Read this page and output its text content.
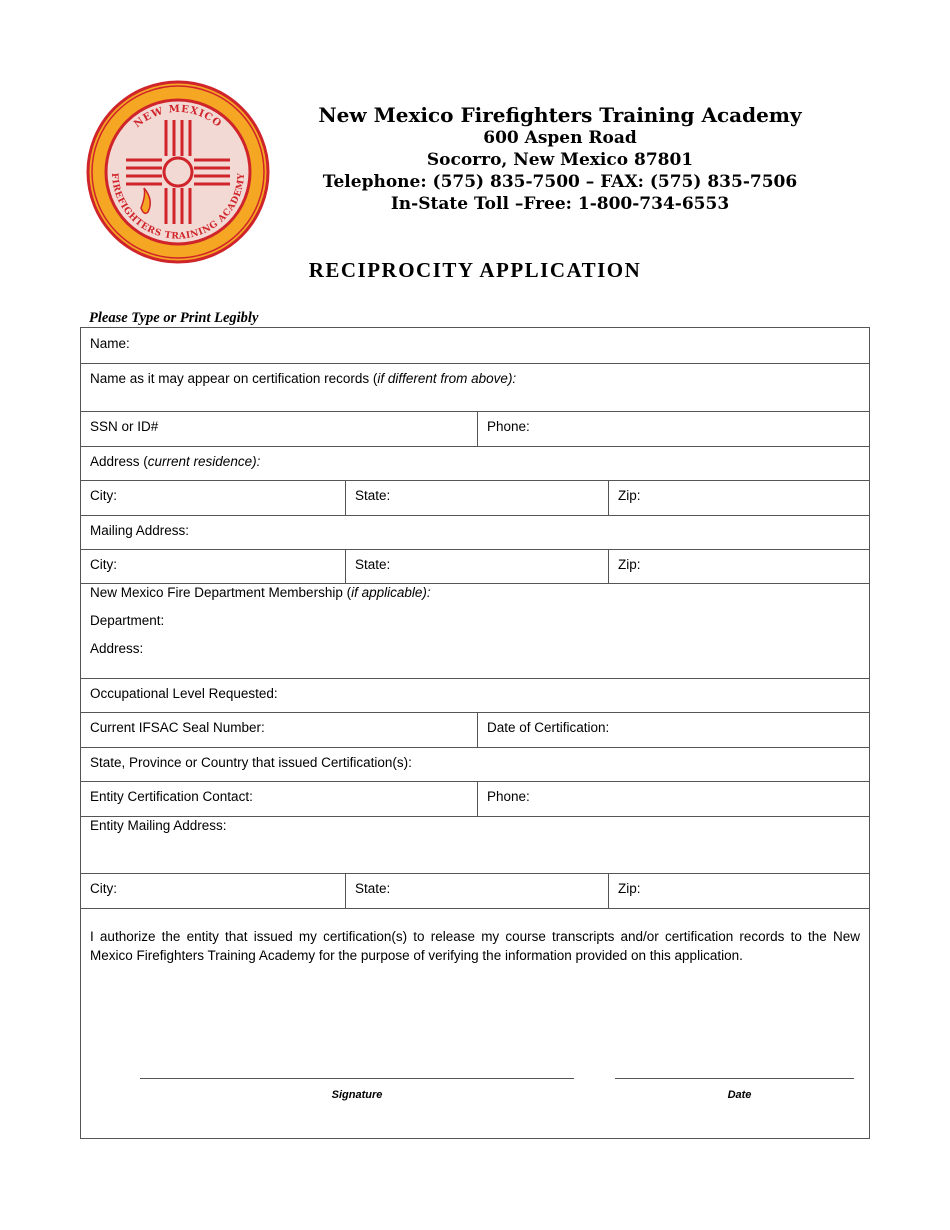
NEW MEXICO
FIREFIGHTERS TRAINING ACADEMY
New Mexico Firefighters Training Academy
600 Aspen Road
Socorro, New Mexico 87801
Telephone: (575) 835-7500 – FAX: (575) 835-7506
In-State Toll –Free: 1-800-734-6553
RECIPROCITY APPLICATION
Please Type or Print Legibly
Name:
Name as it may appear on certification records (if different from above):
SSN or ID#	Phone:
Address (current residence):
City:	State:	Zip:
Mailing Address:
City:	State:	Zip:
New Mexico Fire Department Membership (if applicable):
Department:
Address:
Occupational Level Requested:
Current IFSAC Seal Number:	Date of Certification:
State, Province or Country that issued Certification(s):
Entity Certification Contact:	Phone:
Entity Mailing Address:
City:	State:	Zip:
I authorize the entity that issued my certification(s) to release my course transcripts and/or certification records to the New Mexico Firefighters Training Academy for the purpose of verifying the information provided on this application.
Signature	Date
